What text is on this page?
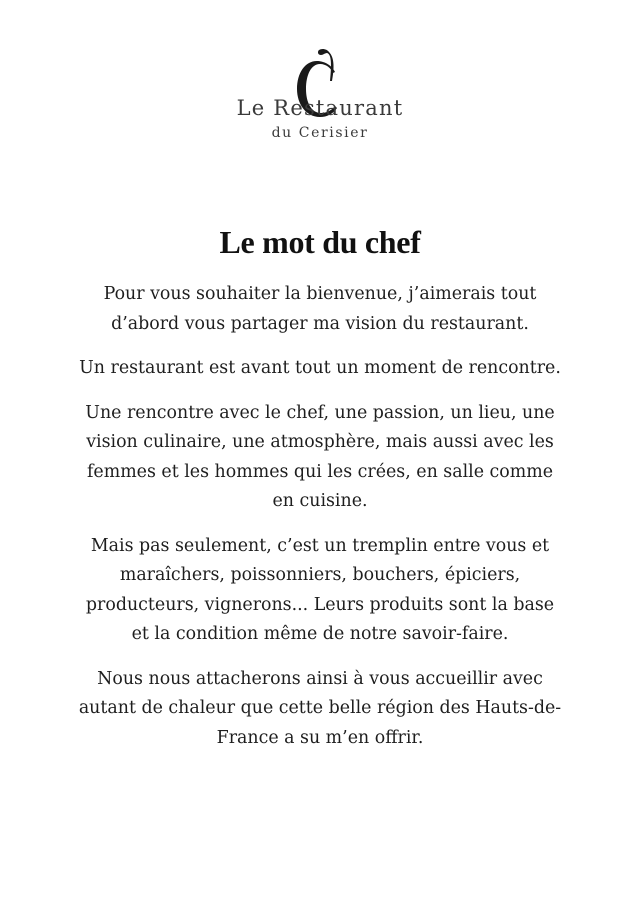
Le Restaurant
du Cerisier
Le mot du chef

Pour vous souhaiter la bienvenue, j’aimerais tout d’abord vous partager ma vision du restaurant.

Un restaurant est avant tout un moment de rencontre.

Une rencontre avec le chef, une passion, un lieu, une vision culinaire, une atmosphère, mais aussi avec les femmes et les hommes qui les crées, en salle comme en cuisine.

Mais pas seulement, c’est un tremplin entre vous et maraîchers, poissonniers, bouchers, épiciers, producteurs, vignerons... Leurs produits sont la base et la condition même de notre savoir-faire.

Nous nous attacherons ainsi à vous accueillir avec autant de chaleur que cette belle région des Hauts-de-France a su m’en offrir.
